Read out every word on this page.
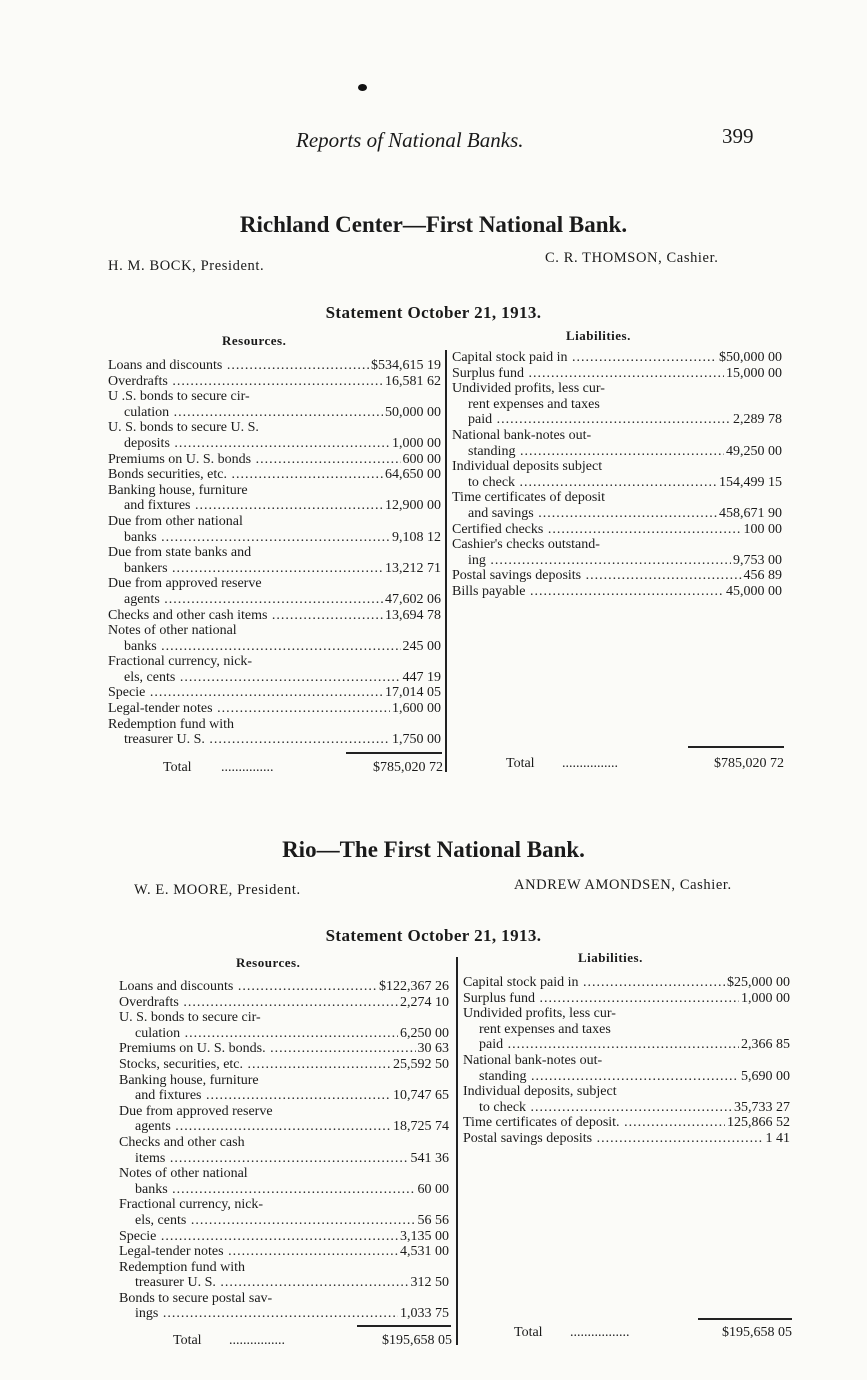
Reports of National Banks.	399
Richland Center—First National Bank.
H. M. BOCK, President.	C. R. THOMSON, Cashier.
Statement October 21, 1913.
Resources.	Liabilities.
Loans and discounts .....	$534,615 19
Overdrafts .....	16,581 62
U .S. bonds to secure cir-
culation .....	50,000 00
U. S. bonds to secure U. S.
deposits .....	1,000 00
Premiums on U. S. bonds .....	600 00
Bonds securities, etc. .....	64,650 00
Banking house, furniture
and fixtures .....	12,900 00
Due from other national
banks .....	9,108 12
Due from state banks and
bankers .....	13,212 71
Due from approved reserve
agents .....	47,602 06
Checks and other cash items .....	13,694 78
Notes of other national
banks .....	245 00
Fractional currency, nick-
els, cents .....	447 19
Specie .....	17,014 05
Legal-tender notes .....	1,600 00
Redemption fund with
treasurer U. S. .....	1,750 00
Capital stock paid in .....	$50,000 00
Surplus fund .....	15,000 00
Undivided profits, less cur-
rent expenses and taxes
paid .....	2,289 78
National bank-notes out-
standing .....	49,250 00
Individual deposits subject
to check .....	154,499 15
Time certificates of deposit
and savings .....	458,671 90
Certified checks .....	100 00
Cashier's checks outstand-
ing .....	9,753 00
Postal savings deposits .....	456 89
Bills payable .....	45,000 00
Total ...............	$785,020 72	Total ................	$785,020 72
Rio—The First National Bank.
W. E. MOORE, President.	ANDREW AMONDSEN, Cashier.
Statement October 21, 1913.
Resources.	Liabilities.
Loans and discounts .....	$122,367 26
Overdrafts .....	2,274 10
U. S. bonds to secure cir-
culation .....	6,250 00
Premiums on U. S. bonds. .....	30 63
Stocks, securities, etc. .....	25,592 50
Banking house, furniture
and fixtures .....	10,747 65
Due from approved reserve
agents .....	18,725 74
Checks and other cash
items .....	541 36
Notes of other national
banks .....	60 00
Fractional currency, nick-
els, cents .....	56 56
Specie .....	3,135 00
Legal-tender notes .....	4,531 00
Redemption fund with
treasurer U. S. .....	312 50
Bonds to secure postal sav-
ings .....	1,033 75
Capital stock paid in .....	$25,000 00
Surplus fund .....	1,000 00
Undivided profits, less cur-
rent expenses and taxes
paid .....	2,366 85
National bank-notes out-
standing .....	5,690 00
Individual deposits, subject
to check .....	35,733 27
Time certificates of deposit. .....	125,866 52
Postal savings deposits .....	1 41
Total ................	$195,658 05
Total .................	$195,658 05
